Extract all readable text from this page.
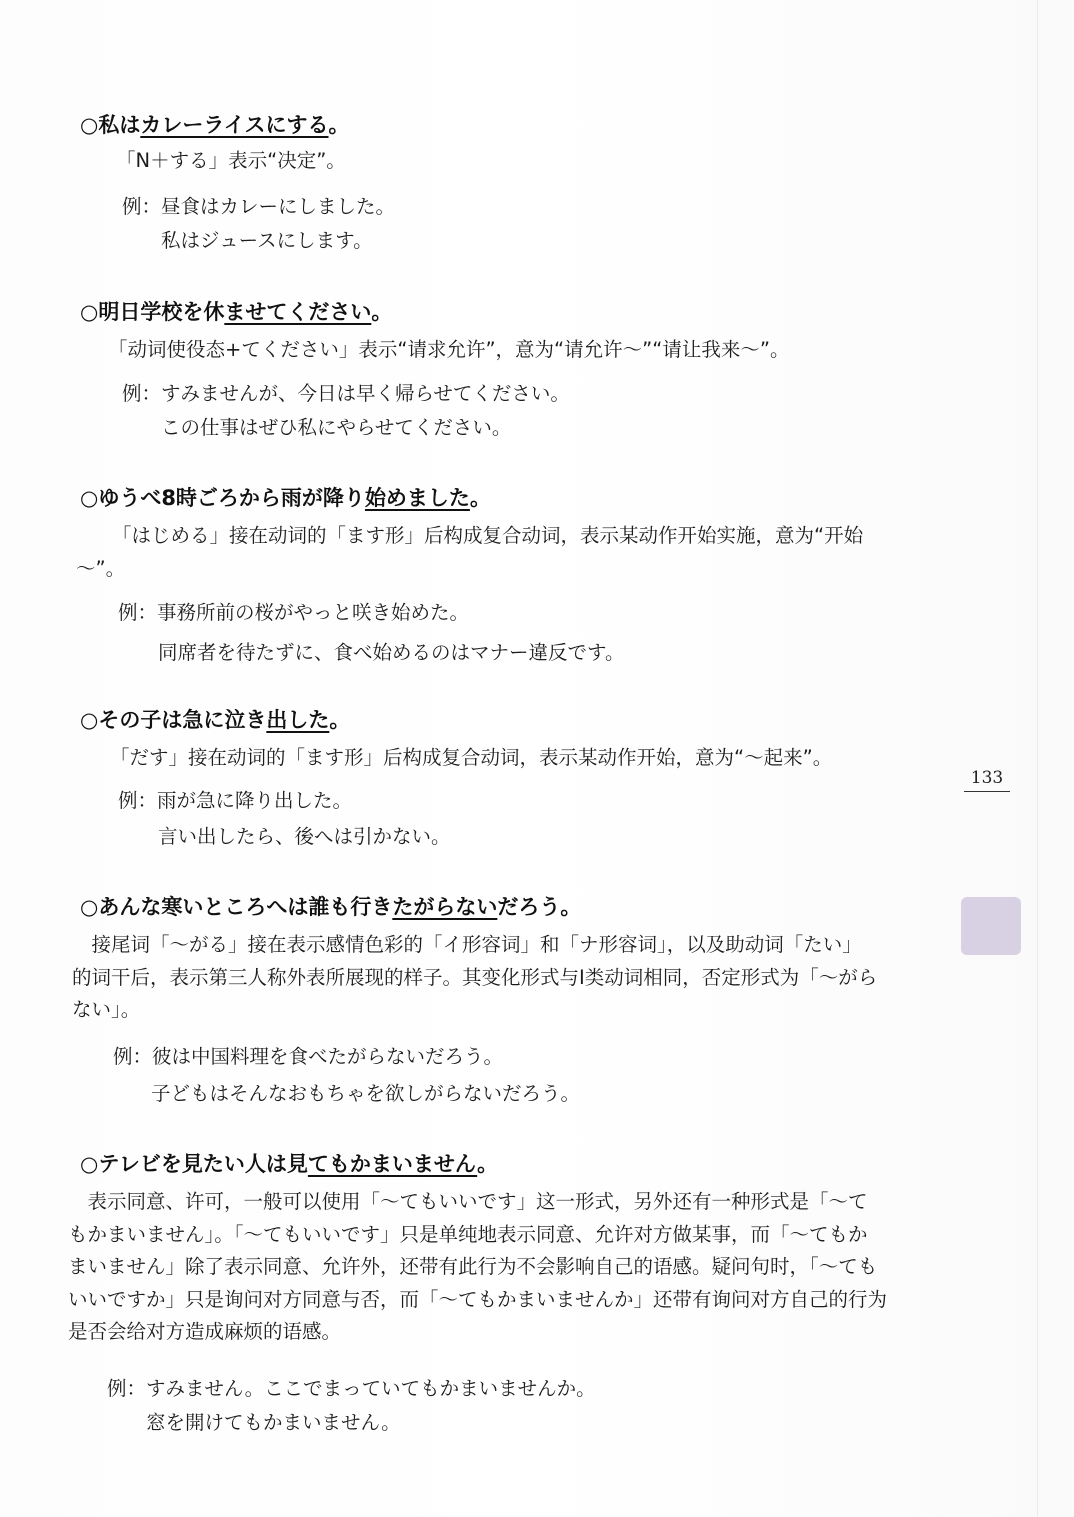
○私はカレーライスにする。
「N＋する」表示“决定”。
例：昼食はカレーにしました。
私はジュースにします。
○明日学校を休ませてください。
「动词使役态+てください」表示“请求允许”，意为“请允许～”“请让我来～”。
例：すみませんが、今日は早く帰らせてください。
この仕事はぜひ私にやらせてください。
○ゆうべ8時ごろから雨が降り始めました。
「はじめる」接在动词的「ます形」后构成复合动词，表示某动作开始实施，意为“开始
～”。
例：事務所前の桜がやっと咲き始めた。
同席者を待たずに、食べ始めるのはマナー違反です。
○その子は急に泣き出した。
「だす」接在动词的「ます形」后构成复合动词，表示某动作开始，意为“～起来”。
例：雨が急に降り出した。
言い出したら、後へは引かない。
○あんな寒いところへは誰も行きたがらないだろう。
　接尾词「～がる」接在表示感情色彩的「イ形容词」和「ナ形容词」，以及助动词「たい」
的词干后，表示第三人称外表所展现的样子。其变化形式与Ⅰ类动词相同，否定形式为「～がら
ない」。
例：彼は中国料理を食べたがらないだろう。
子どもはそんなおもちゃを欲しがらないだろう。
○テレビを見たい人は見てもかまいません。
　表示同意、许可，一般可以使用「～てもいいです」这一形式，另外还有一种形式是「～て
もかまいません」。「～てもいいです」只是单纯地表示同意、允许对方做某事，而「～てもか
まいません」除了表示同意、允许外，还带有此行为不会影响自己的语感。疑问句时，「～ても
いいですか」只是询问对方同意与否，而「～てもかまいませんか」还带有询问对方自己的行为
是否会给对方造成麻烦的语感。
例：すみません。ここでまっていてもかまいませんか。
窓を開けてもかまいません。
133
